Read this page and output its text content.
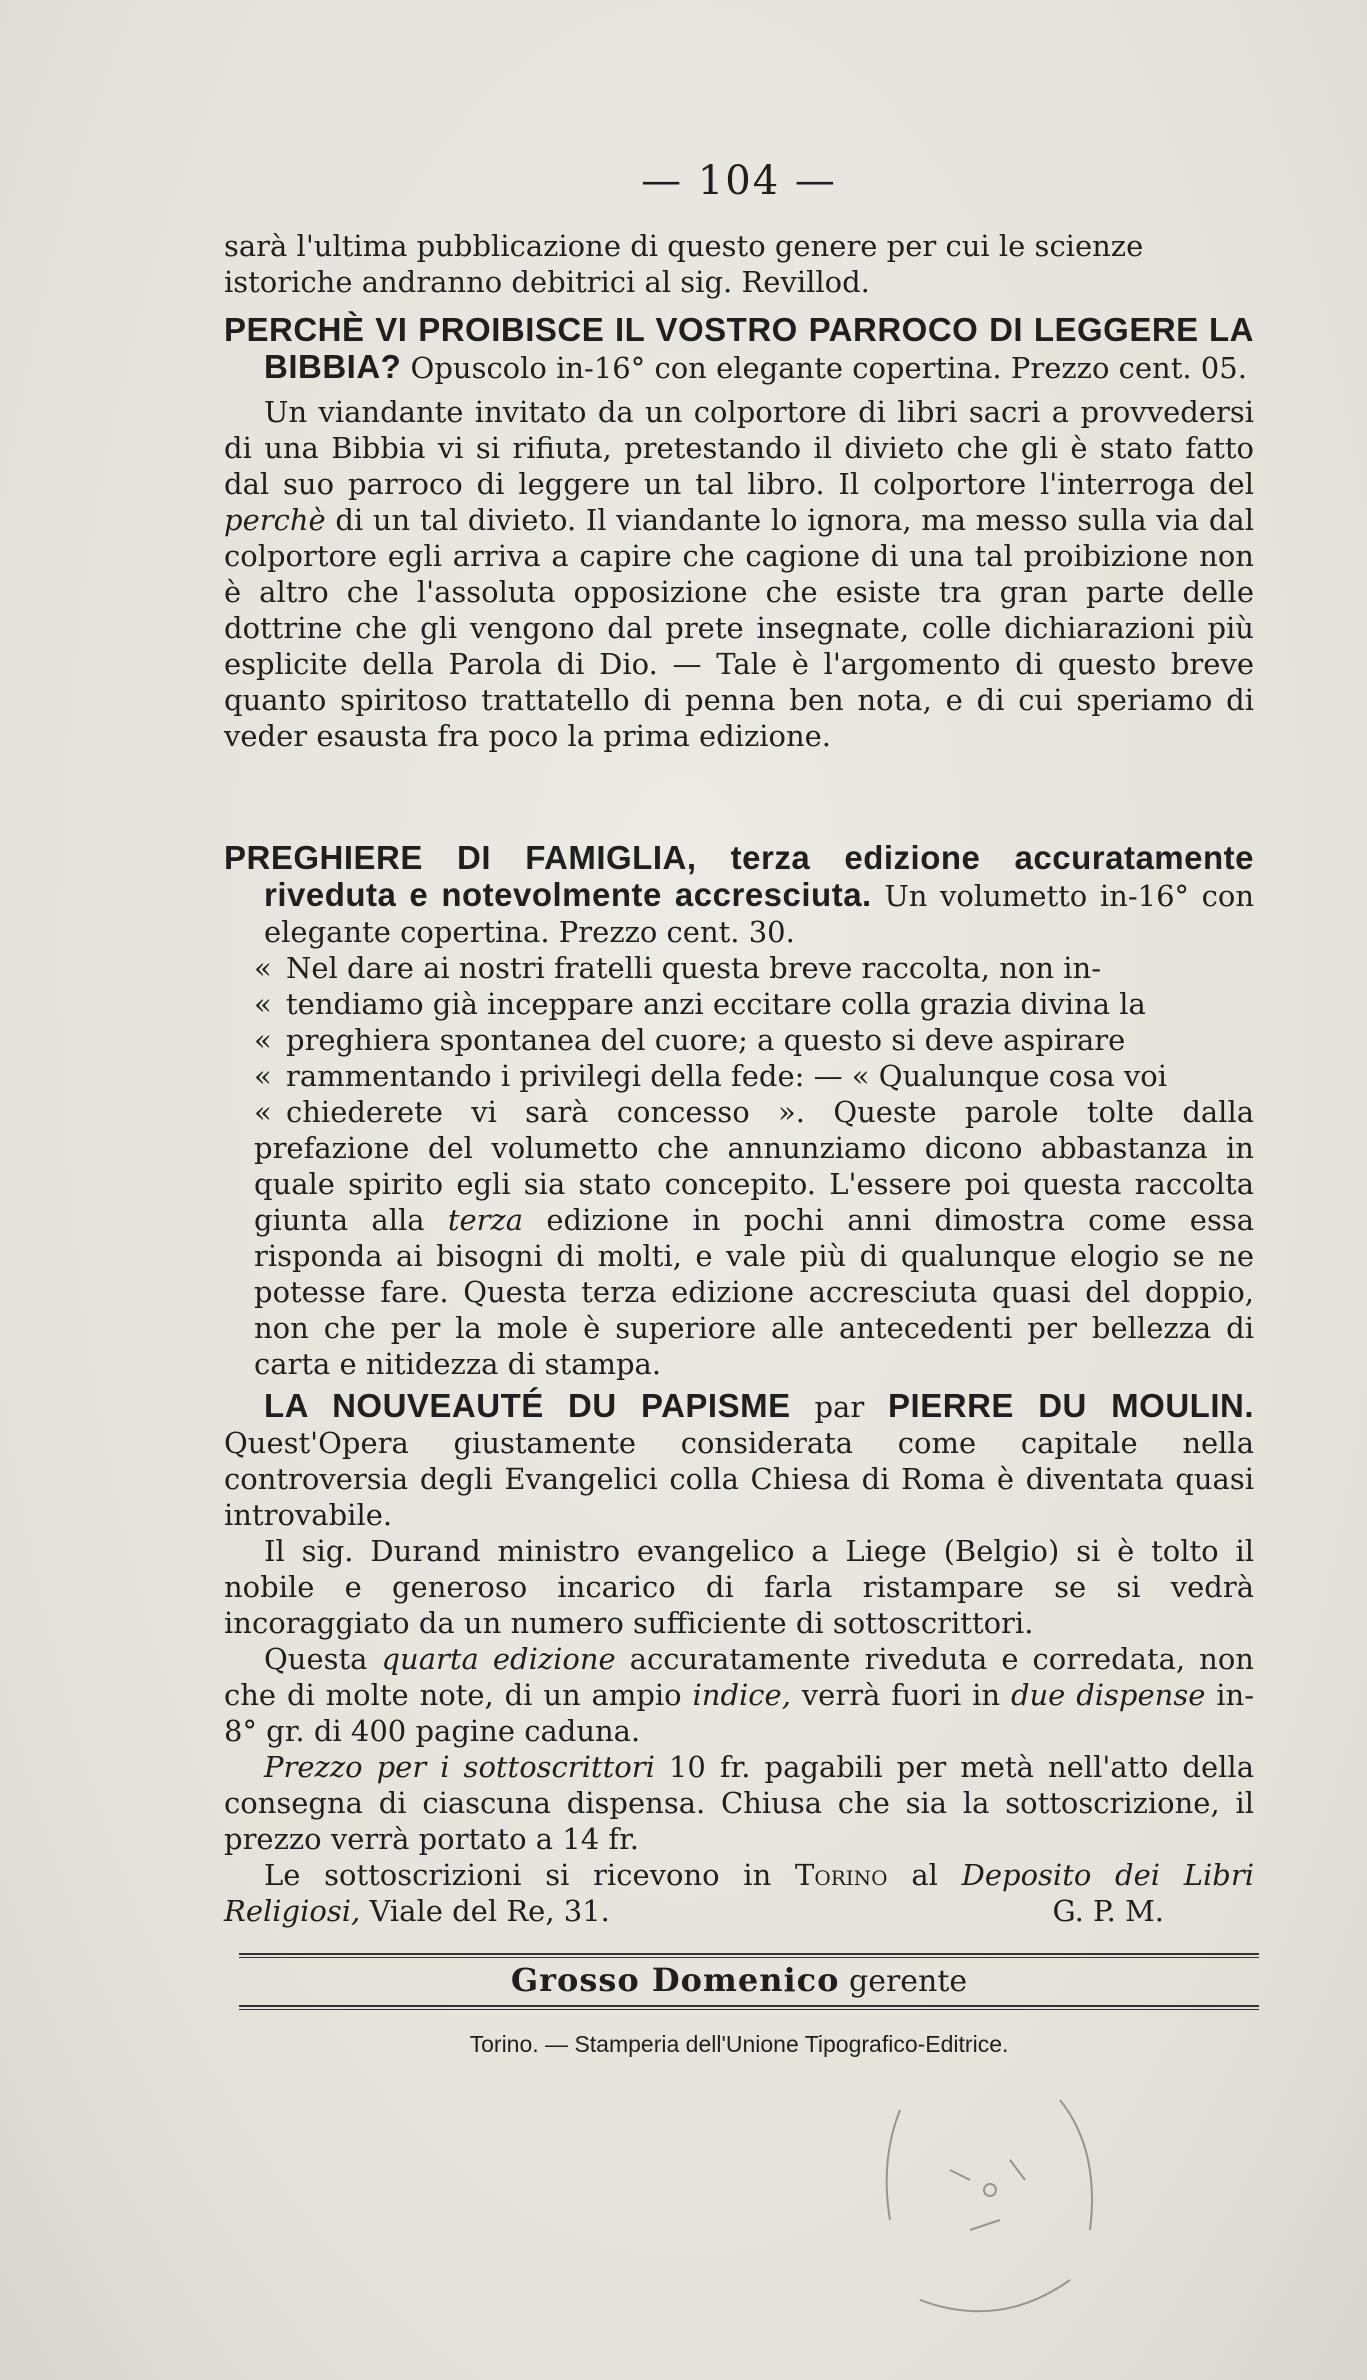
— 104 —

sarà l'ultima pubblicazione di questo genere per cui le scienze

istoriche andranno debitrici al sig. Revillod.

PERCHÈ VI PROIBISCE IL VOSTRO PARROCO DI LEGGERE LA BIBBIA? Opuscolo in-16° con elegante copertina. Prezzo cent. 05.

Un viandante invitato da un colportore di libri sacri a provvedersi di una Bibbia vi si rifiuta, pretestando il divieto che gli è stato fatto dal suo parroco di leggere un tal libro. Il colportore l'interroga del perchè di un tal divieto. Il viandante lo ignora, ma messo sulla via dal colportore egli arriva a capire che cagione di una tal proibizione non è altro che l'assoluta opposizione che esiste tra gran parte delle dottrine che gli vengono dal prete insegnate, colle dichiarazioni più esplicite della Parola di Dio. — Tale è l'argomento di questo breve quanto spiritoso trattatello di penna ben nota, e di cui speriamo di veder esausta fra poco la prima edizione.

PREGHIERE DI FAMIGLIA, terza edizione accuratamente riveduta e notevolmente accresciuta. Un volumetto in-16° con elegante copertina. Prezzo cent. 30.

« Nel dare ai nostri fratelli questa breve raccolta, non in-

« tendiamo già inceppare anzi eccitare colla grazia divina la

« preghiera spontanea del cuore; a questo si deve aspirare

« rammentando i privilegi della fede: — « Qualunque cosa voi

« chiederete vi sarà concesso ». Queste parole tolte dalla prefazione del volumetto che annunziamo dicono abbastanza in quale spirito egli sia stato concepito. L'essere poi questa raccolta giunta alla terza edizione in pochi anni dimostra come essa risponda ai bisogni di molti, e vale più di qualunque elogio se ne potesse fare. Questa terza edizione accresciuta quasi del doppio, non che per la mole è superiore alle antecedenti per bellezza di carta e nitidezza di stampa.

LA NOUVEAUTÉ DU PAPISME par PIERRE DU MOULIN. Quest'Opera giustamente considerata come capitale nella controversia degli Evangelici colla Chiesa di Roma è diventata quasi introvabile.

Il sig. Durand ministro evangelico a Liege (Belgio) si è tolto il nobile e generoso incarico di farla ristampare se si vedrà incoraggiato da un numero sufficiente di sottoscrittori.

Questa quarta edizione accuratamente riveduta e corredata, non che di molte note, di un ampio indice, verrà fuori in due dispense in-8° gr. di 400 pagine caduna.

Prezzo per i sottoscrittori 10 fr. pagabili per metà nell'atto della consegna di ciascuna dispensa. Chiusa che sia la sottoscrizione, il prezzo verrà portato a 14 fr.

Le sottoscrizioni si ricevono in Torino al Deposito dei Libri Religiosi, Viale del Re, 31.	G. P. M.

Grosso Domenico gerente
Torino. — Stamperia dell'Unione Tipografico-Editrice.
